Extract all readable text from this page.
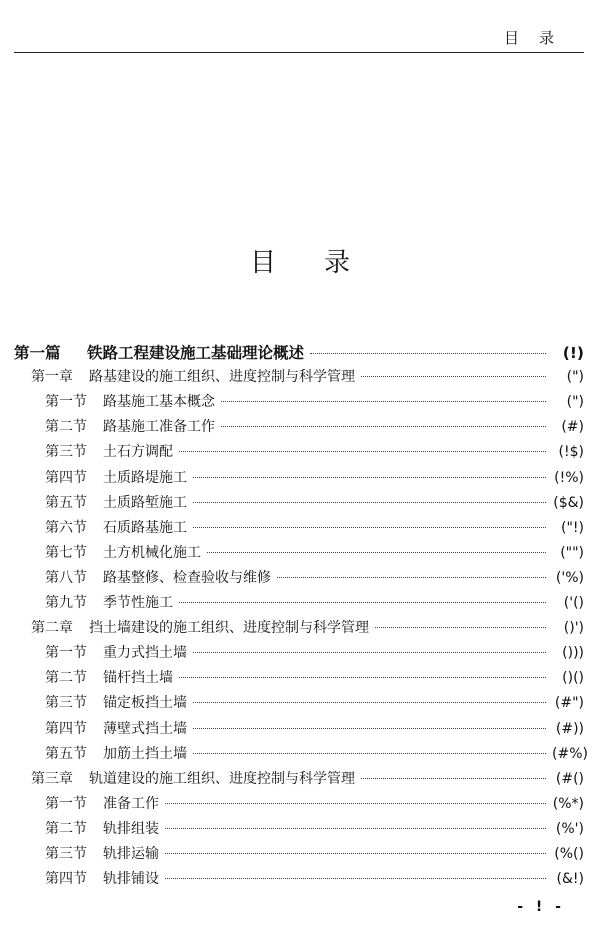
目录
目录
第一篇	铁路工程建设施工基础理论概述	(!)
第一章	路基建设的施工组织、进度控制与科学管理	(")
第一节	路基施工基本概念	(")
第二节	路基施工准备工作	(#)
第三节	土石方调配	(!$)
第四节	土质路堤施工	(!%)
第五节	土质路堑施工	($&)
第六节	石质路基施工	("!)
第七节	土方机械化施工	("")
第八节	路基整修、检查验收与维修	('%)
第九节	季节性施工	('()
第二章	挡土墙建设的施工组织、进度控制与科学管理	()')
第一节	重力式挡土墙	()))
第二节	锚杆挡土墙	()()
第三节	锚定板挡土墙	(#")
第四节	薄壁式挡土墙	(#))
第五节	加筋土挡土墙	(#%)
第三章	轨道建设的施工组织、进度控制与科学管理	(#()
第一节	准备工作	(%*)
第二节	轨排组装	(%')
第三节	轨排运输	(%()
第四节	轨排铺设	(&!)
- ! -
